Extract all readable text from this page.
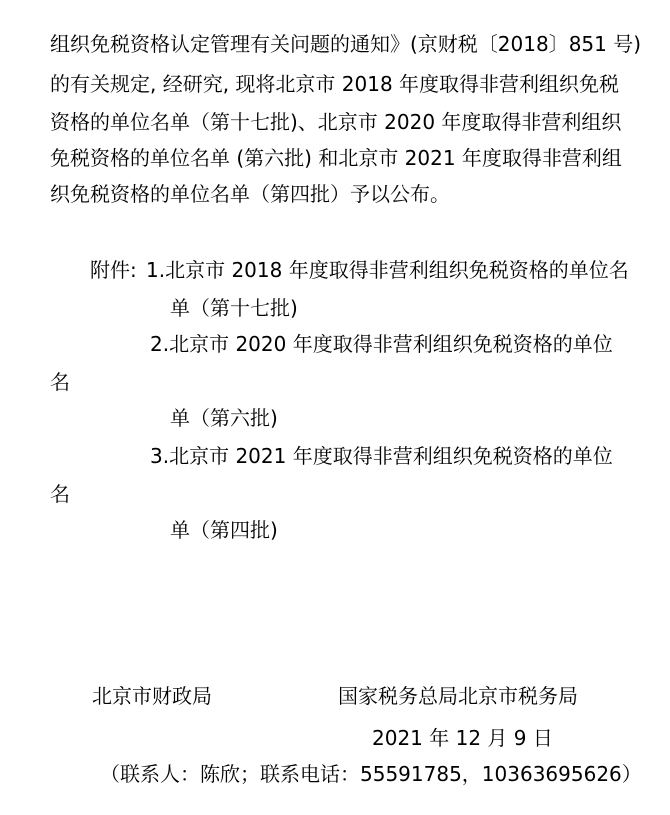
组织免税资格认定管理有关问题的通知》(京财税〔2018〕851 号)
的有关规定, 经研究, 现将北京市 2018 年度取得非营利组织免税
资格的单位名单（第十七批)、北京市 2020 年度取得非营利组织
免税资格的单位名单 (第六批) 和北京市 2021 年度取得非营利组
织免税资格的单位名单（第四批）予以公布。
附件: 1.北京市 2018 年度取得非营利组织免税资格的单位名
单（第十七批)
2.北京市 2020 年度取得非营利组织免税资格的单位
名
单（第六批)
3.北京市 2021 年度取得非营利组织免税资格的单位
名
单（第四批)
北京市财政局	国家税务总局北京市税务局
2021 年 12 月 9 日
（联系人：陈欣；联系电话：55591785，10363695626）
